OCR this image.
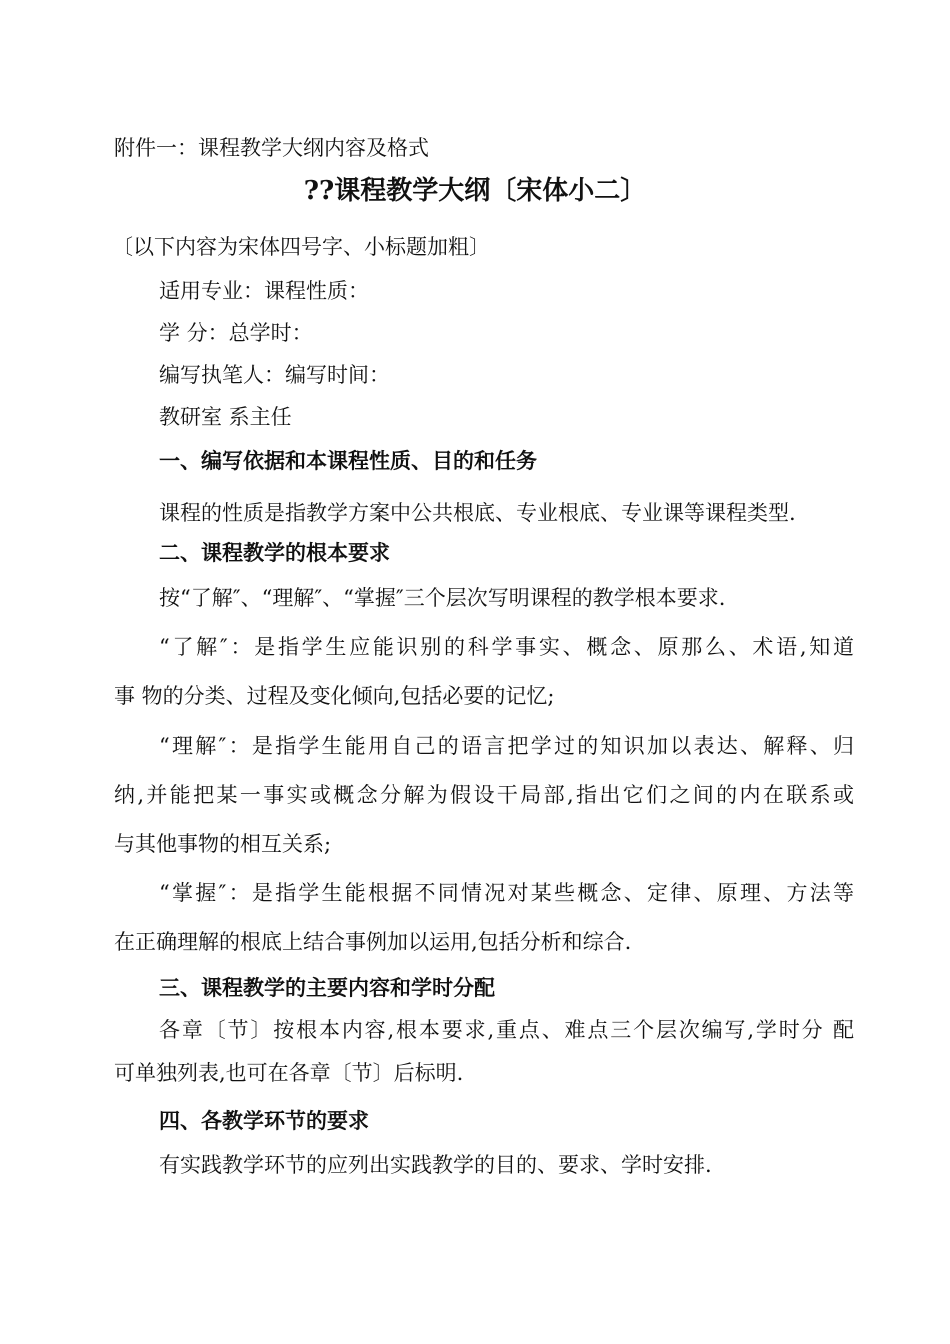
附件一：课程教学大纲内容及格式
??课程教学大纲〔宋体小二〕
〔以下内容为宋体四号字、小标题加粗〕
适用专业：课程性质：
学 分：总学时：
编写执笔人：编写时间：
教研室 系主任
一、编写依据和本课程性质、目的和任务
课程的性质是指教学方案中公共根底、专业根底、专业课等课程类型.
二、课程教学的根本要求
按“了解″、“理解″、“掌握″三个层次写明课程的教学根本要求.
“了解″：是指学生应能识别的科学事实、概念、原那么、术语,知道
事 物的分类、过程及变化倾向,包括必要的记忆;
“理解″：是指学生能用自己的语言把学过的知识加以表达、解释、归
纳,并能把某一事实或概念分解为假设干局部,指出它们之间的内在联系或
与其他事物的相互关系;
“掌握″：是指学生能根据不同情况对某些概念、定律、原理、方法等
在正确理解的根底上结合事例加以运用,包括分析和综合.
三、课程教学的主要内容和学时分配
各章〔节〕按根本内容,根本要求,重点、难点三个层次编写,学时分 配
可单独列表,也可在各章〔节〕后标明.
四、各教学环节的要求
有实践教学环节的应列出实践教学的目的、要求、学时安排.
